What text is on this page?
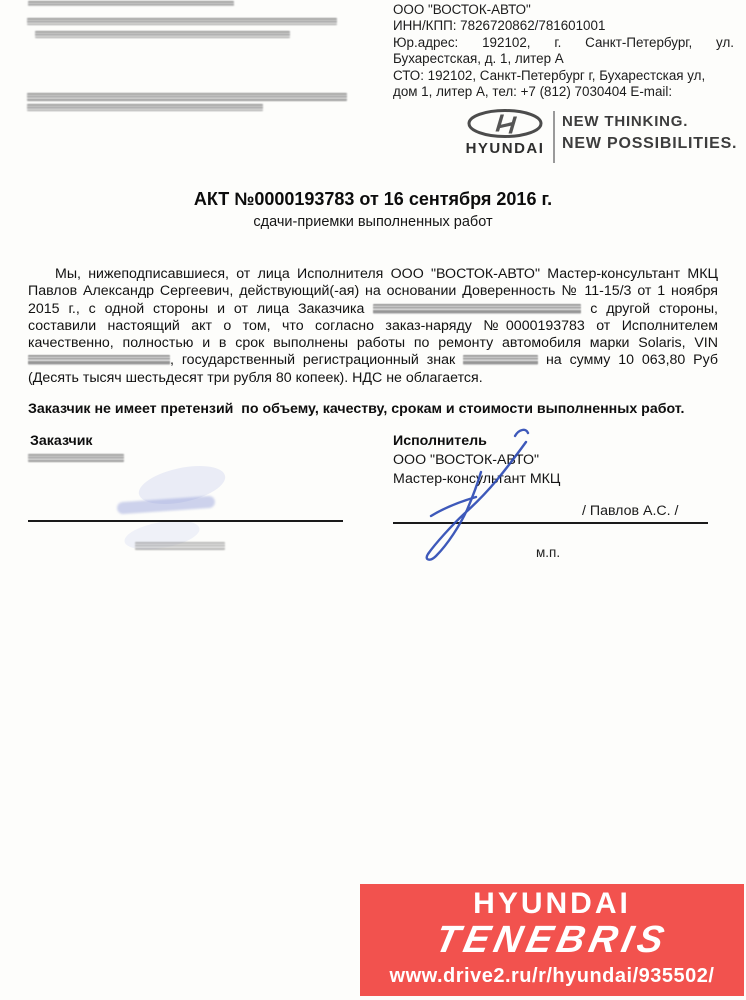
ООО "ВОСТОК-АВТО"
ИНН/КПП: 7826720862/781601001
Юр.адрес: 192102, г. Санкт-Петербург, ул.
Бухарестская, д. 1, литер А
СТО: 192102, Санкт-Петербург г, Бухарестская ул,
дом 1, литер А, тел: +7 (812) 7030404 E-mail:
HYUNDAI
NEW THINKING.
NEW POSSIBILITIES.
АКТ №0000193783 от 16 сентября 2016 г.
сдачи-приемки выполненных работ
Мы, нижеподписавшиеся, от лица Исполнителя ООО "ВОСТОК-АВТО" Мастер-консультант МКЦ
Павлов Александр Сергеевич, действующий(-ая) на основании Доверенность № 11-15/3 от 1 ноября
2015 г., с одной стороны и от лица Заказчика	с другой стороны,
составили настоящий акт о том, что согласно заказ-наряду №0000193783 от Исполнителем
качественно, полностью и в срок выполнены работы по ремонту автомобиля марки Solaris, VIN
, государственный регистрационный знак	на сумму 10 063,80 Руб
(Десять тысяч шестьдесят три рубля 80 копеек). НДС не облагается.
Заказчик не имеет претензий  по объему, качеству, срокам и стоимости выполненных работ.
Заказчик	Исполнитель
ООО "ВОСТОК-АВТО"
Мастер-консультант МКЦ
/ Павлов А.С. /
м.п.
HYUNDAI
TENEBRIS
www.drive2.ru/r/hyundai/935502/
